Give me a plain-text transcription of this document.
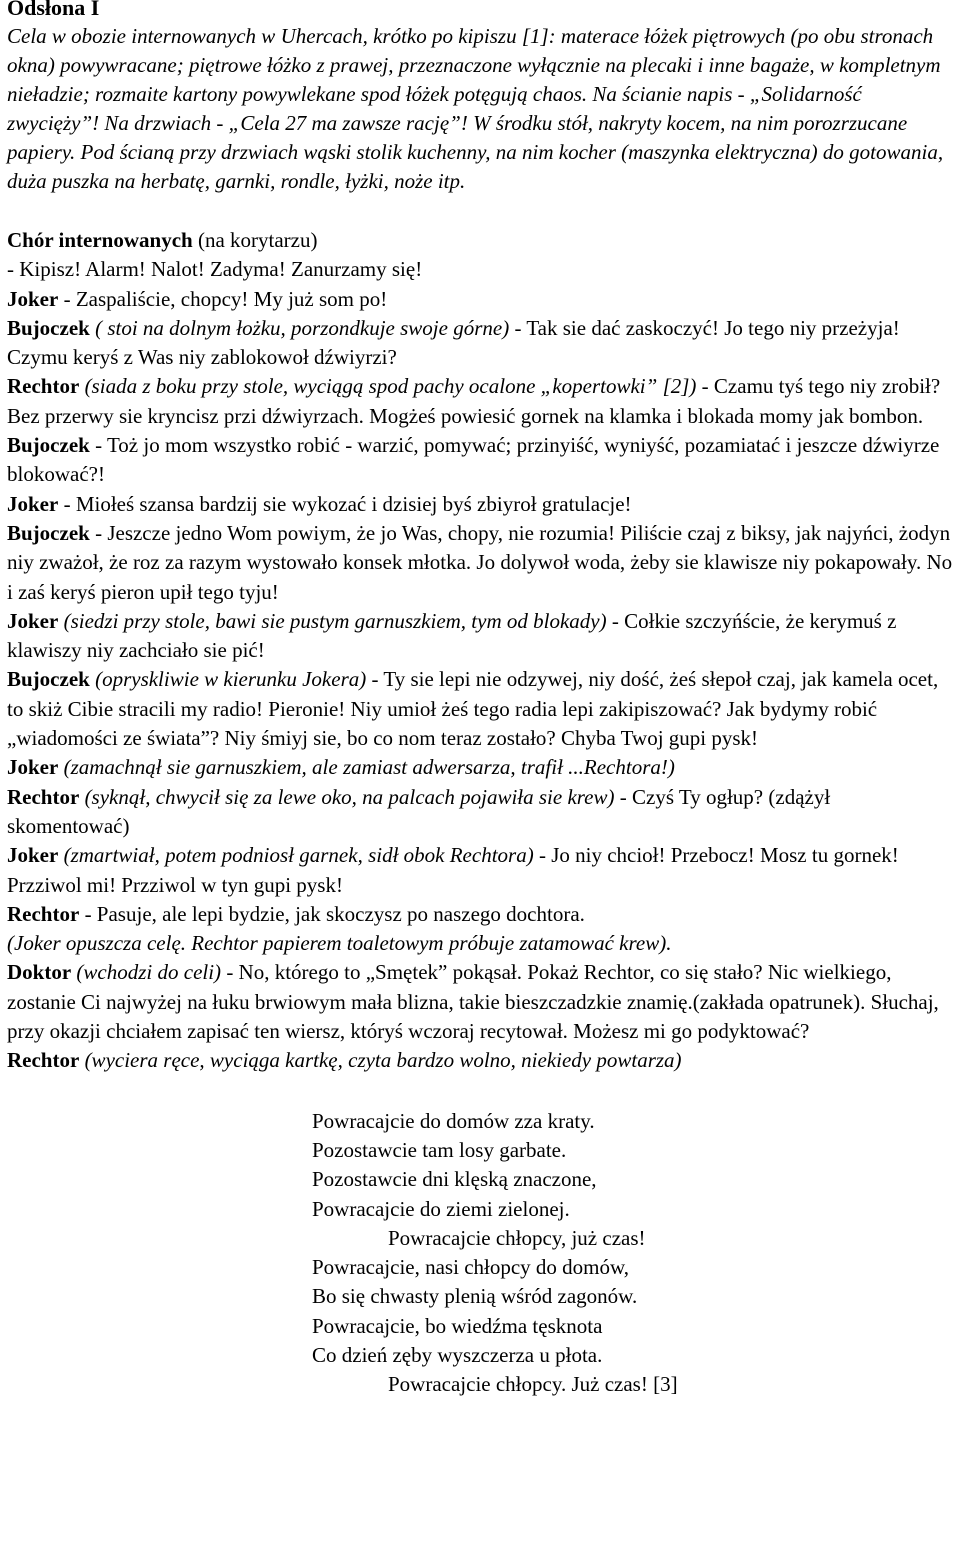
Odsłona I

Cela w obozie internowanych w Uhercach, krótko po kipiszu [1]: materace łóżek piętrowych (po obu stronach okna) powywracane; piętrowe łóżko z prawej, przeznaczone wyłącznie na plecaki i inne bagaże, w kompletnym nieładzie; rozmaite kartony powywlekane spod łóżek potęgują chaos. Na ścianie napis - „Solidarność zwycięży”! Na drzwiach - „Cela 27 ma zawsze rację”! W środku stół, nakryty kocem, na nim porozrzucane papiery. Pod ścianą przy drzwiach wąski stolik kuchenny, na nim kocher (maszynka elektryczna) do gotowania, duża puszka na herbatę, garnki, rondle, łyżki, noże itp.

Chór internowanych (na korytarzu)

- Kipisz! Alarm! Nalot! Zadyma! Zanurzamy się!

Joker - Zaspaliście, chopcy! My już som po!

Bujoczek ( stoi na dolnym łożku, porzondkuje swoje górne) - Tak sie dać zaskoczyć! Jo tego niy przeżyja! Czymu keryś z Was niy zablokowoł dźwiyrzi?

Rechtor (siada z boku przy stole, wyciągą spod pachy ocalone „kopertowki” [2]) - Czamu tyś tego niy zrobił? Bez przerwy sie kryncisz przi dźwiyrzach. Mogżeś powiesić gornek na klamka i blokada momy jak bombon.

Bujoczek - Toż jo mom wszystko robić - warzić, pomywać; przinyiść, wyniyść, pozamiatać i jeszcze dźwiyrze blokować?!

Joker - Miołeś szansa bardzij sie wykozać i dzisiej byś zbiyroł gratulacje!

Bujoczek - Jeszcze jedno Wom powiym, że jo Was, chopy, nie rozumia! Piliście czaj z biksy, jak najyńci, żodyn niy zważoł, że roz za razym wystowało konsek młotka. Jo dolywoł woda, żeby sie klawisze niy pokapowały. No i zaś keryś pieron upił tego tyju!

Joker (siedzi przy stole, bawi sie pustym garnuszkiem, tym od blokady) - Cołkie szczyńście, że kerymuś z klawiszy niy zachciało sie pić!

Bujoczek (opryskliwie w kierunku Jokera) - Ty sie lepi nie odzywej, niy dość, żeś słepoł czaj, jak kamela ocet, to skiż Cibie stracili my radio! Pieronie! Niy umioł żeś tego radia lepi zakipiszować? Jak bydymy robić „wiadomości ze świata”? Niy śmiyj sie, bo co nom teraz zostało? Chyba Twoj gupi pysk!

Joker (zamachnął sie garnuszkiem, ale zamiast adwersarza, trafił ...Rechtora!)

Rechtor (syknął, chwycił się za lewe oko, na palcach pojawiła sie krew) - Czyś Ty ogłup? (zdążył skomentować)

Joker (zmartwiał, potem podniosł garnek, sidł obok Rechtora) - Jo niy chcioł! Przebocz! Mosz tu gornek! Przziwol mi! Przziwol w tyn gupi pysk!

Rechtor - Pasuje, ale lepi bydzie, jak skoczysz po naszego dochtora.

(Joker opuszcza celę. Rechtor papierem toaletowym próbuje zatamować krew).

Doktor (wchodzi do celi) - No, którego to „Smętek” pokąsał. Pokaż Rechtor, co się stało? Nic wielkiego, zostanie Ci najwyżej na łuku brwiowym mała blizna, takie bieszczadzkie znamię.(zakłada opatrunek). Słuchaj, przy okazji chciałem zapisać ten wiersz, któryś wczoraj recytował. Możesz mi go podyktować?

Rechtor (wyciera ręce, wyciąga kartkę, czyta bardzo wolno, niekiedy powtarza)

Powracajcie do domów zza kraty.
Pozostawcie tam losy garbate.
Pozostawcie dni klęską znaczone,
Powracajcie do ziemi zielonej.
Powracajcie chłopcy, już czas!
Powracajcie, nasi chłopcy do domów,
Bo się chwasty plenią wśród zagonów.
Powracajcie, bo wiedźma tęsknota
Co dzień zęby wyszczerza u płota.
Powracajcie chłopcy. Już czas! [3]
